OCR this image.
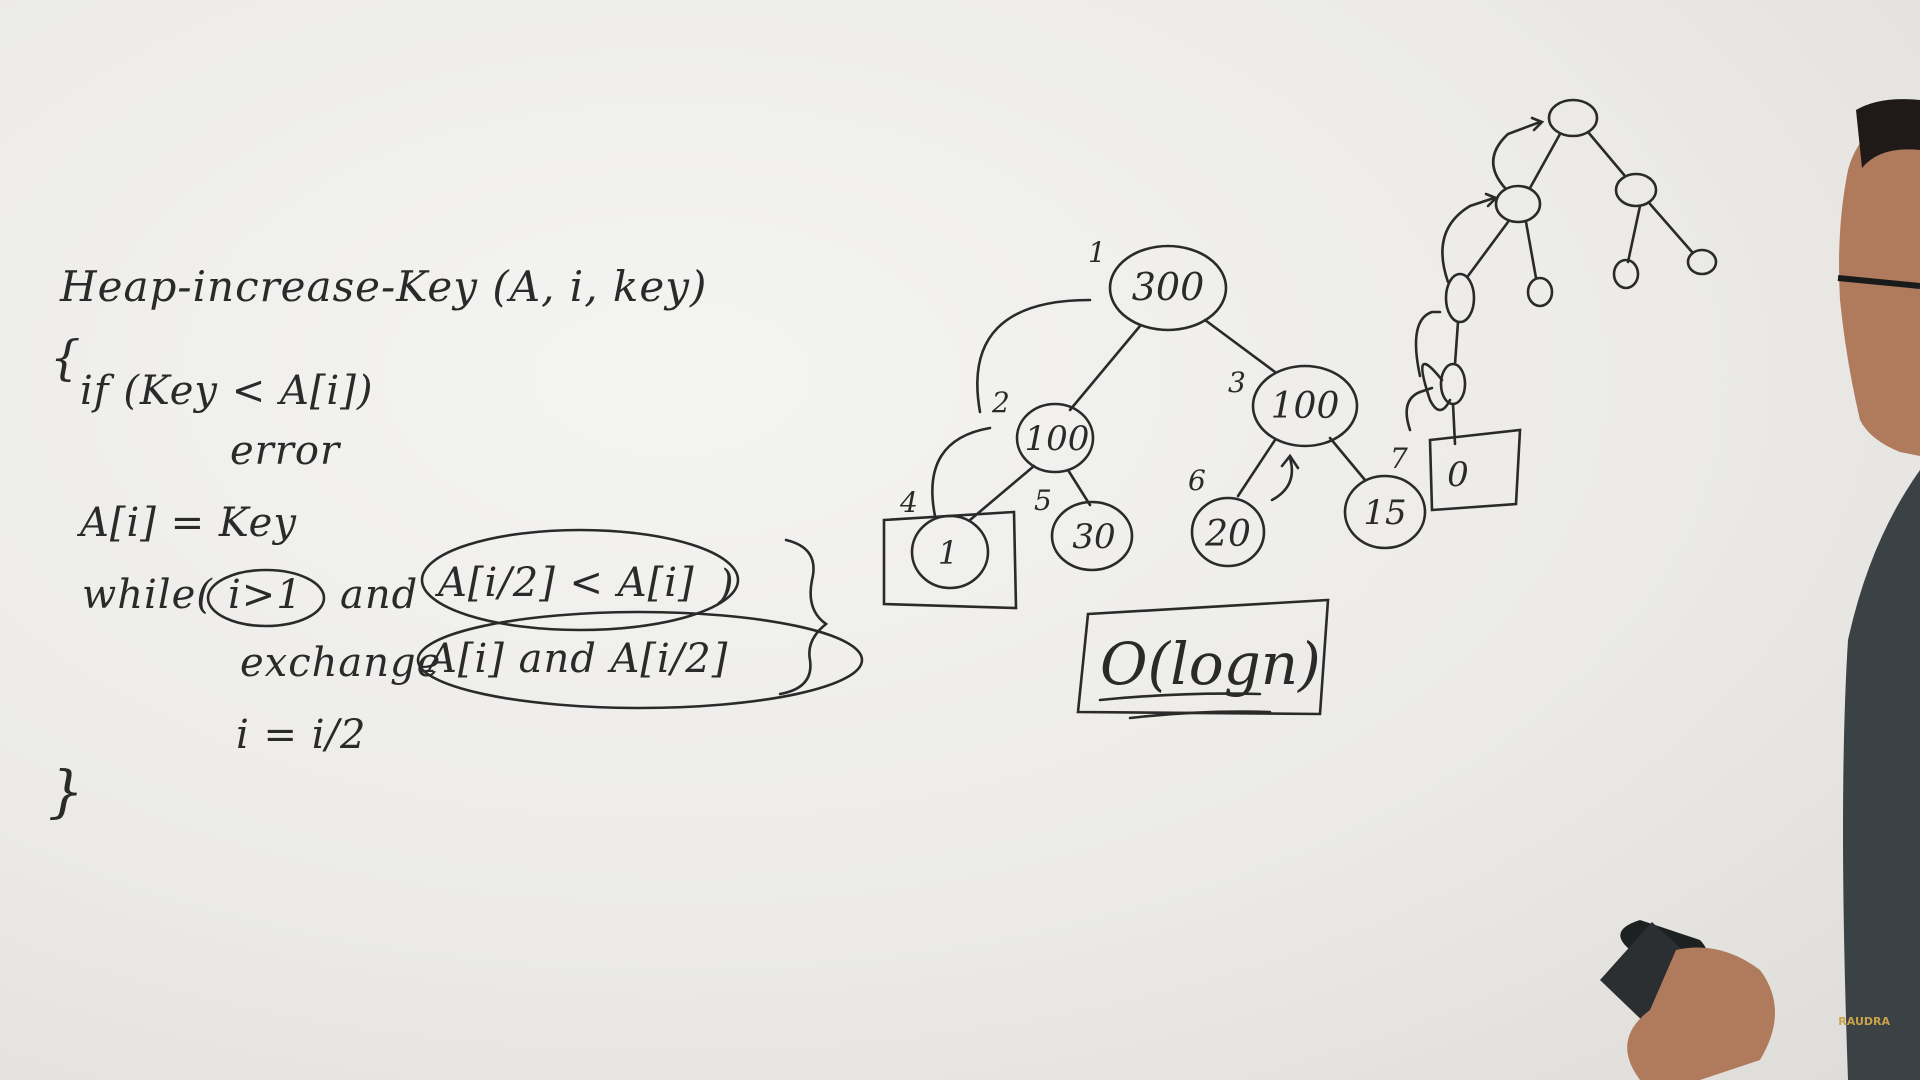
Heap-increase-Key (A, i, key)
{
if (Key < A[i])
error
A[i] = Key
while( i>1 and A[i/2] < A[i] )
exchange
A[i] and A[i/2]
i = i/2
}
300
100
100
1	30 20
15
0
1
2
3
4	5
6
7
O(logn)
RAUDRA
